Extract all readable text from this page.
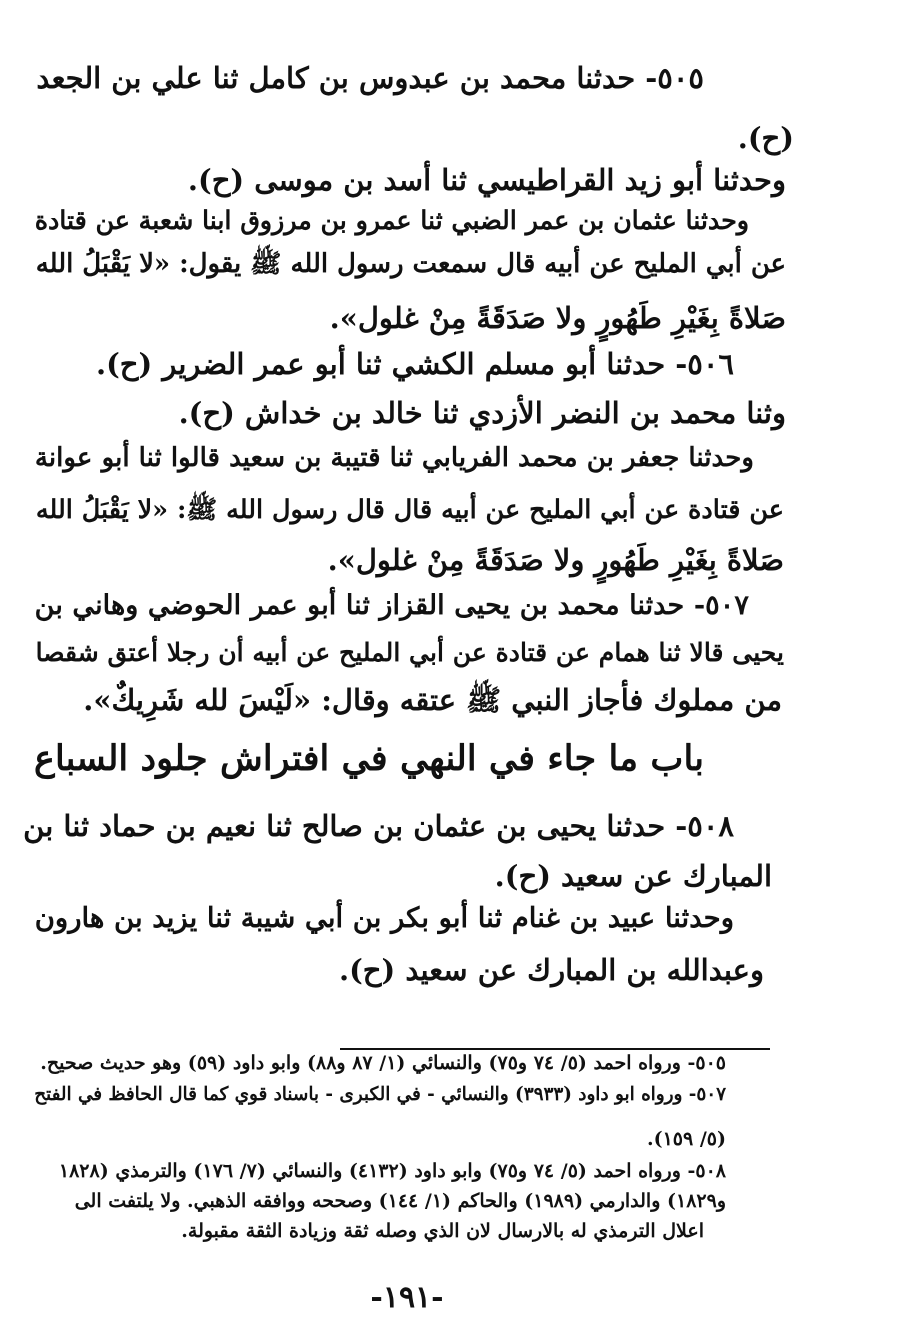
٥٠٥- حدثنا محمد بن عبدوس بن كامل ثنا علي بن الجعد
(ح).
وحدثنا أبو زيد القراطيسي ثنا أسد بن موسى (ح).
وحدثنا عثمان بن عمر الضبي ثنا عمرو بن مرزوق ابنا شعبة عن قتادة
عن أبي المليح عن أبيه قال سمعت رسول الله ﷺ يقول: «لا يَقْبَلُ الله
صَلاةً بِغَيْرِ طَهُورٍ ولا صَدَقَةً مِنْ غلول».
٥٠٦- حدثنا أبو مسلم الكشي ثنا أبو عمر الضرير (ح).
وثنا محمد بن النضر الأزدي ثنا خالد بن خداش (ح).
وحدثنا جعفر بن محمد الفريابي ثنا قتيبة بن سعيد قالوا ثنا أبو عوانة
عن قتادة عن أبي المليح عن أبيه قال قال رسول الله ﷺ: «لا يَقْبَلُ الله
صَلاةً بِغَيْرِ طَهُورٍ ولا صَدَقَةً مِنْ غلول».
٥٠٧- حدثنا محمد بن يحيى القزاز ثنا أبو عمر الحوضي وهاني بن
يحيى قالا ثنا همام عن قتادة عن أبي المليح عن أبيه أن رجلا أعتق شقصا
من مملوك فأجاز النبي ﷺ عتقه وقال: «لَيْسَ لله شَرِيكٌ».
باب ما جاء في النهي في افتراش جلود السباع
٥٠٨- حدثنا يحيى بن عثمان بن صالح ثنا نعيم بن حماد ثنا بن
المبارك عن سعيد (ح).
وحدثنا عبيد بن غنام ثنا أبو بكر بن أبي شيبة ثنا يزيد بن هارون
وعبدالله بن المبارك عن سعيد (ح).
٥٠٥- ورواه احمد (٥/ ٧٤ و٧٥) والنسائي (١/ ٨٧ و٨٨) وابو داود (٥٩) وهو حديث صحيح.
٥٠٧- ورواه ابو داود (٣٩٣٣) والنسائي - في الكبرى - باسناد قوي كما قال الحافظ في الفتح
(٥/ ١٥٩).
٥٠٨- ورواه احمد (٥/ ٧٤ و٧٥) وابو داود (٤١٣٢) والنسائي (٧/ ١٧٦) والترمذي (١٨٢٨
و١٨٢٩) والدارمي (١٩٨٩) والحاكم (١/ ١٤٤) وصححه ووافقه الذهبي. ولا يلتفت الى
اعلال الترمذي له بالارسال لان الذي وصله ثقة وزيادة الثقة مقبولة.
-١٩١-
